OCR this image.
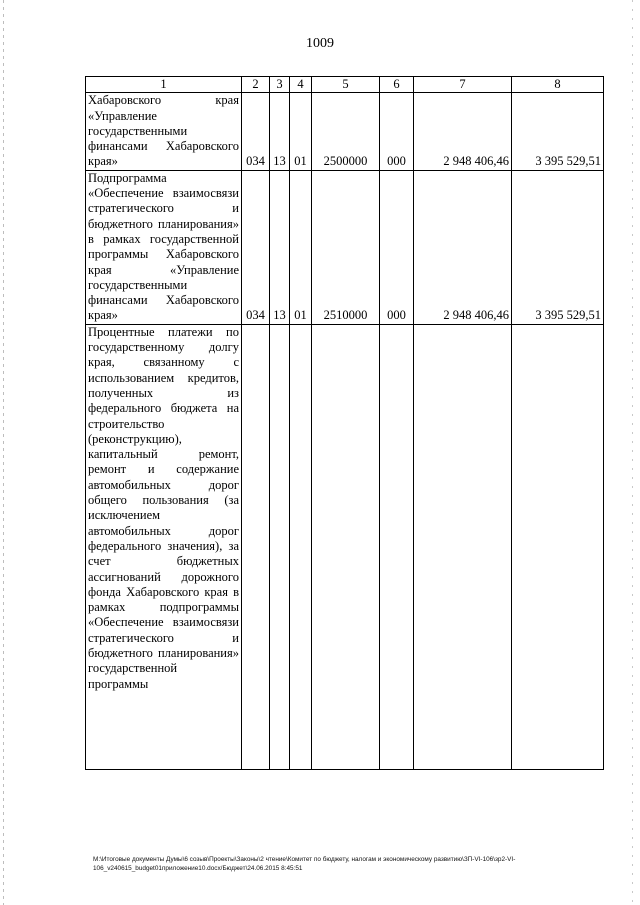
1009
1	2	3	4	5	6	7	8
Хабаровского края «Управление государственными финансами Хабаровского края»	034	13	01	2500000	000	2 948 406,46	3 395 529,51
Подпрограмма «Обеспечение взаимосвязи стратегического и бюджетного планирования» в рамках государственной программы Хабаровского края «Управление государственными финансами Хабаровского края»	034	13	01	2510000	000	2 948 406,46	3 395 529,51
Процентные платежи по государственному долгу края, связанному с использованием кредитов, полученных из федерального бюджета на строительство (реконструкцию), капитальный ремонт, ремонт и содержание автомобильных дорог общего пользования (за исключением автомобильных дорог федерального значения), за счет бюджетных ассигнований дорожного фонда Хабаровского края в рамках подпрограммы «Обеспечение взаимосвязи стратегического и бюджетного планирования» государственной программы							
M:\Итоговые документы Думы\6 созыв\Проекты\Законы\2 чтение\Комитет по бюджету, налогам и экономическому развитию\ЗП-VI-106\зр2-VI-
106_v240615_budget01приложение10.docx/Бюджет\24.06.2015 8:45:51
